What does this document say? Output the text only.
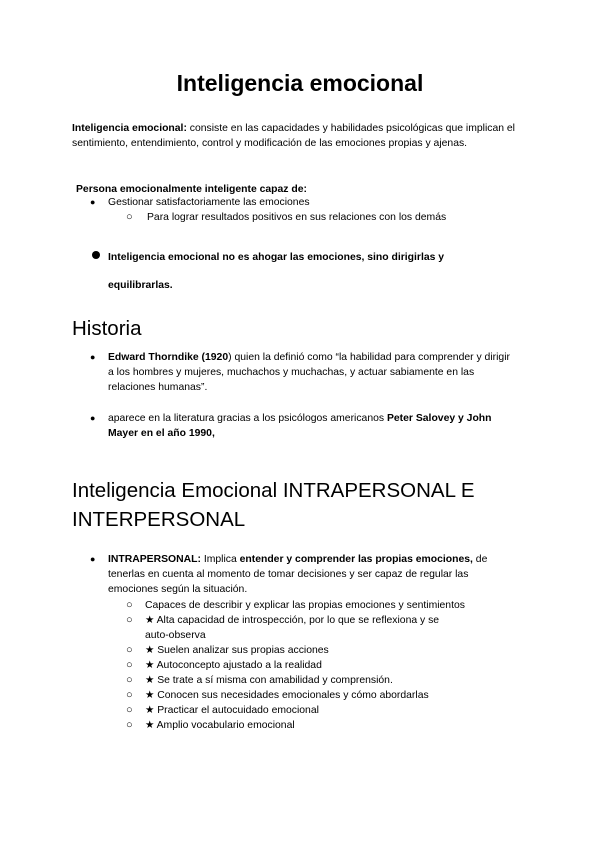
Inteligencia emocional

Inteligencia emocional: consiste en las capacidades y habilidades psicológicas que implican el sentimiento, entendimiento, control y modificación de las emociones propias y ajenas.

Persona emocionalmente inteligente capaz de:
● Gestionar satisfactoriamente las emociones
○ Para lograr resultados positivos en sus relaciones con los demás
Inteligencia emocional no es ahogar las emociones, sino dirigirlas y
equilibrarlas.
Historia
● Edward Thorndike (1920) quien la definió como “la habilidad para comprender y dirigir a los hombres y mujeres, muchachos y muchachas, y actuar sabiamente en las relaciones humanas”.

● aparece en la literatura gracias a los psicólogos americanos Peter Salovey y John Mayer en el año 1990,

Inteligencia Emocional INTRAPERSONAL E
INTERPERSONAL
● INTRAPERSONAL: Implica entender y comprender las propias emociones, de tenerlas en cuenta al momento de tomar decisiones y ser capaz de regular las emociones según la situación.

○ Capaces de describir y explicar las propias emociones y sentimientos
○ ★ Alta capacidad de introspección, por lo que se reflexiona y se
auto-observa
○ ★ Suelen analizar sus propias acciones
○ ★ Autoconcepto ajustado a la realidad
○ ★ Se trate a sí misma con amabilidad y comprensión.
○ ★ Conocen sus necesidades emocionales y cómo abordarlas
○ ★ Practicar el autocuidado emocional
○ ★ Amplio vocabulario emocional
